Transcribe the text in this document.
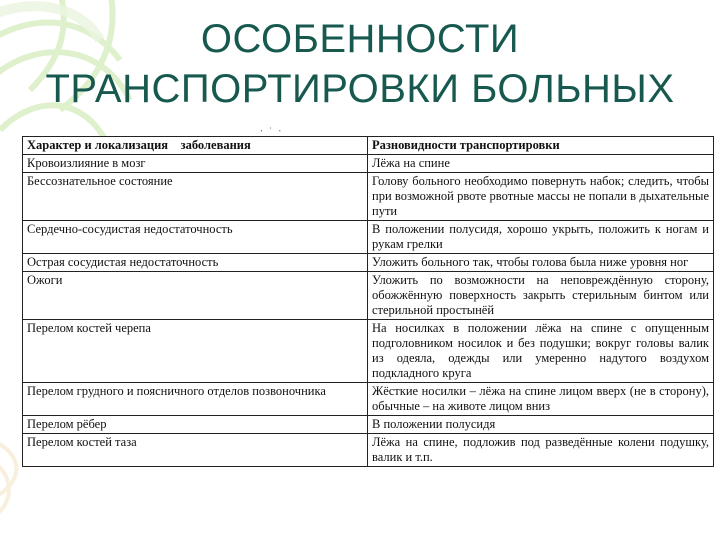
ОСОБЕННОСТИ
ТРАНСПОРТИРОВКИ БОЛЬНЫХ
‧ ˙ ‧
Характер и локализация    заболевания	Разновидности транспортировки
Кровоизлияние в мозг	Лёжа на спине
Бессознательное состояние	Голову больного необходимо повернуть набок; следить, чтобы при возможной рвоте рвотные массы не попали в дыхательные пути
Сердечно-сосудистая недостаточность	В положении полусидя, хорошо укрыть, положить к ногам и рукам грелки
Острая сосудистая недостаточность	Уложить больного так, чтобы голова была ниже уровня ног
Ожоги	Уложить по возможности на неповреждённую сторону, обожжённую поверхность закрыть стерильным бинтом или стерильной простынёй
Перелом костей черепа	На носилках в положении лёжа на спине с опущенным подголовником носилок и без подушки; вокруг головы валик из одеяла, одежды или умеренно надутого воздухом подкладного круга
Перелом грудного и поясничного отделов позвоночника	Жёсткие носилки – лёжа на спине лицом вверх (не в сторону), обычные – на животе лицом вниз
Перелом рёбер	В положении полусидя
Перелом костей таза	Лёжа на спине, подложив под разведённые колени подушку, валик и т.п.
